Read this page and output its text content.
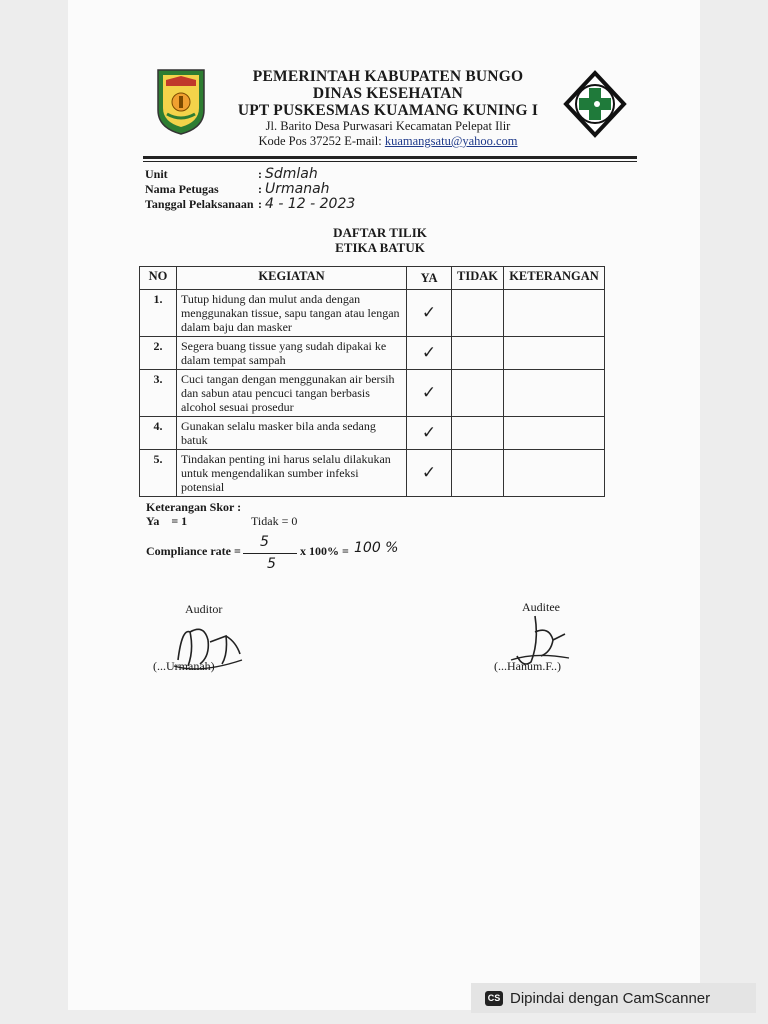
PEMERINTAH KABUPATEN BUNGO
DINAS KESEHATAN
UPT PUSKESMAS KUAMANG KUNING I
Jl. Barito Desa Purwasari Kecamatan Pelepat Ilir
Kode Pos 37252 E-mail: kuamangsatu@yahoo.com
Unit	: Sdmlah
Nama Petugas	: Urmanah
Tanggal Pelaksanaan : 4 - 12 - 2023
DAFTAR TILIK
ETIKA BATUK
NO	KEGIATAN	YA	TIDAK	KETERANGAN
1.	Tutup hidung dan mulut anda dengan menggunakan tissue, sapu tangan atau lengan dalam baju dan masker	✓		
2.	Segera buang tissue yang sudah dipakai ke dalam tempat sampah	✓		
3.	Cuci tangan dengan menggunakan air bersih dan sabun atau pencuci tangan berbasis alcohol sesuai prosedur	✓		
4.	Gunakan selalu masker bila anda sedang batuk	✓		
5.	Tindakan penting ini harus selalu dilakukan untuk mengendalikan sumber infeksi potensial	✓		
Keterangan Skor :
Ya    = 1	Tidak = 0
Compliance rate =
5
5
x 100% = 100 %
Auditor
(...Urmanah)
Auditee
(...Hanum.F..)
CS Dipindai dengan CamScanner
